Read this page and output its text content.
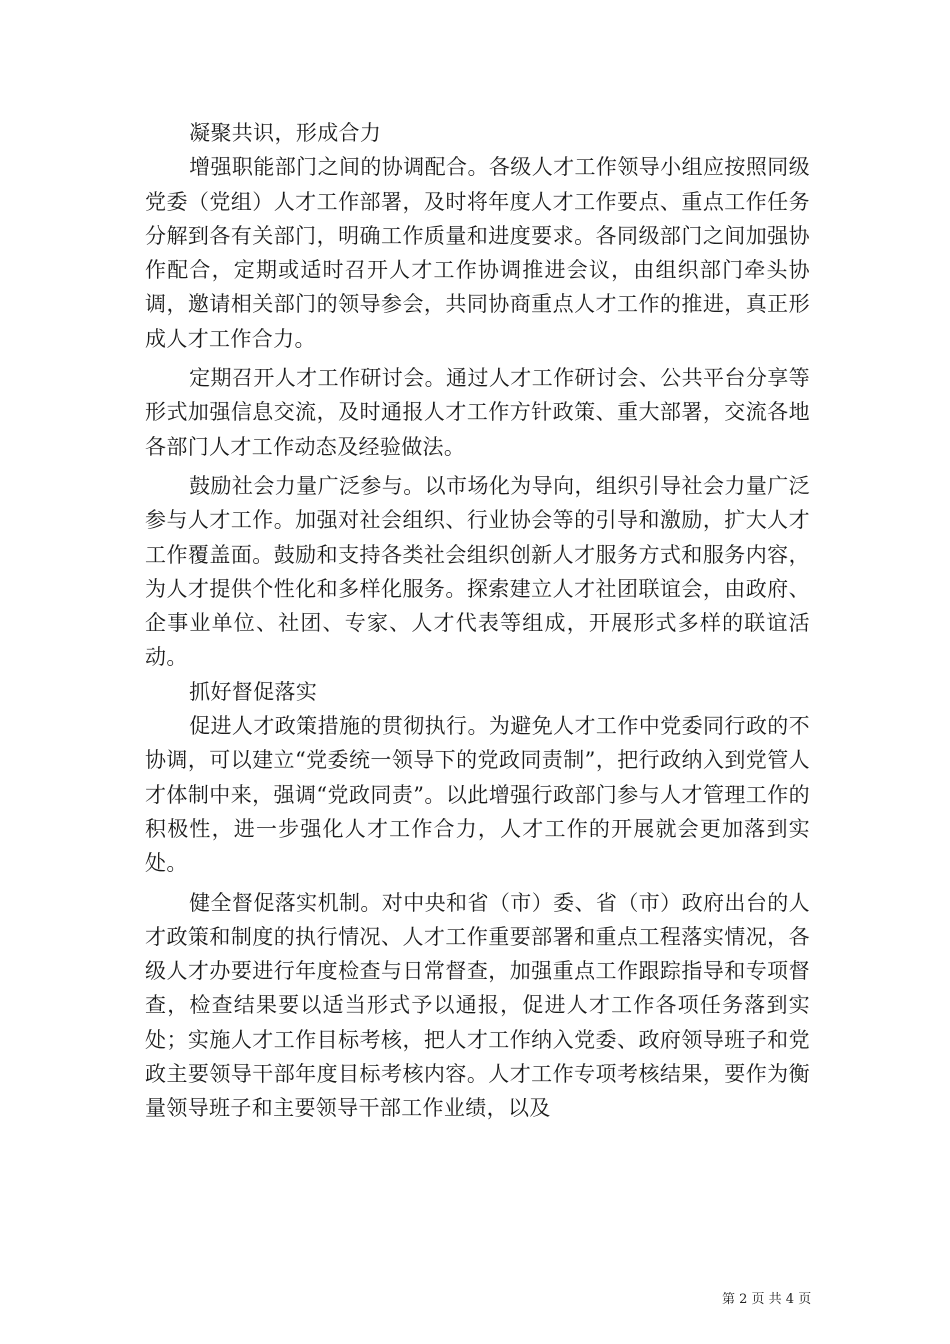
凝聚共识，形成合力

增强职能部门之间的协调配合。各级人才工作领导小组应按照同级党委（党组）人才工作部署，及时将年度人才工作要点、重点工作任务分解到各有关部门，明确工作质量和进度要求。各同级部门之间加强协作配合，定期或适时召开人才工作协调推进会议，由组织部门牵头协调，邀请相关部门的领导参会，共同协商重点人才工作的推进，真正形成人才工作合力。

定期召开人才工作研讨会。通过人才工作研讨会、公共平台分享等形式加强信息交流，及时通报人才工作方针政策、重大部署，交流各地各部门人才工作动态及经验做法。

鼓励社会力量广泛参与。以市场化为导向，组织引导社会力量广泛参与人才工作。加强对社会组织、行业协会等的引导和激励，扩大人才工作覆盖面。鼓励和支持各类社会组织创新人才服务方式和服务内容，为人才提供个性化和多样化服务。探索建立人才社团联谊会，由政府、企事业单位、社团、专家、人才代表等组成，开展形式多样的联谊活动。

抓好督促落实

促进人才政策措施的贯彻执行。为避免人才工作中党委同行政的不协调，可以建立“党委统一领导下的党政同责制”，把行政纳入到党管人才体制中来，强调“党政同责”。以此增强行政部门参与人才管理工作的积极性，进一步强化人才工作合力，人才工作的开展就会更加落到实处。

健全督促落实机制。对中央和省（市）委、省（市）政府出台的人才政策和制度的执行情况、人才工作重要部署和重点工程落实情况，各级人才办要进行年度检查与日常督查，加强重点工作跟踪指导和专项督查，检查结果要以适当形式予以通报，促进人才工作各项任务落到实处；实施人才工作目标考核，把人才工作纳入党委、政府领导班子和党政主要领导干部年度目标考核内容。人才工作专项考核结果，要作为衡量领导班子和主要领导干部工作业绩，以及

第 2 页 共 4 页
